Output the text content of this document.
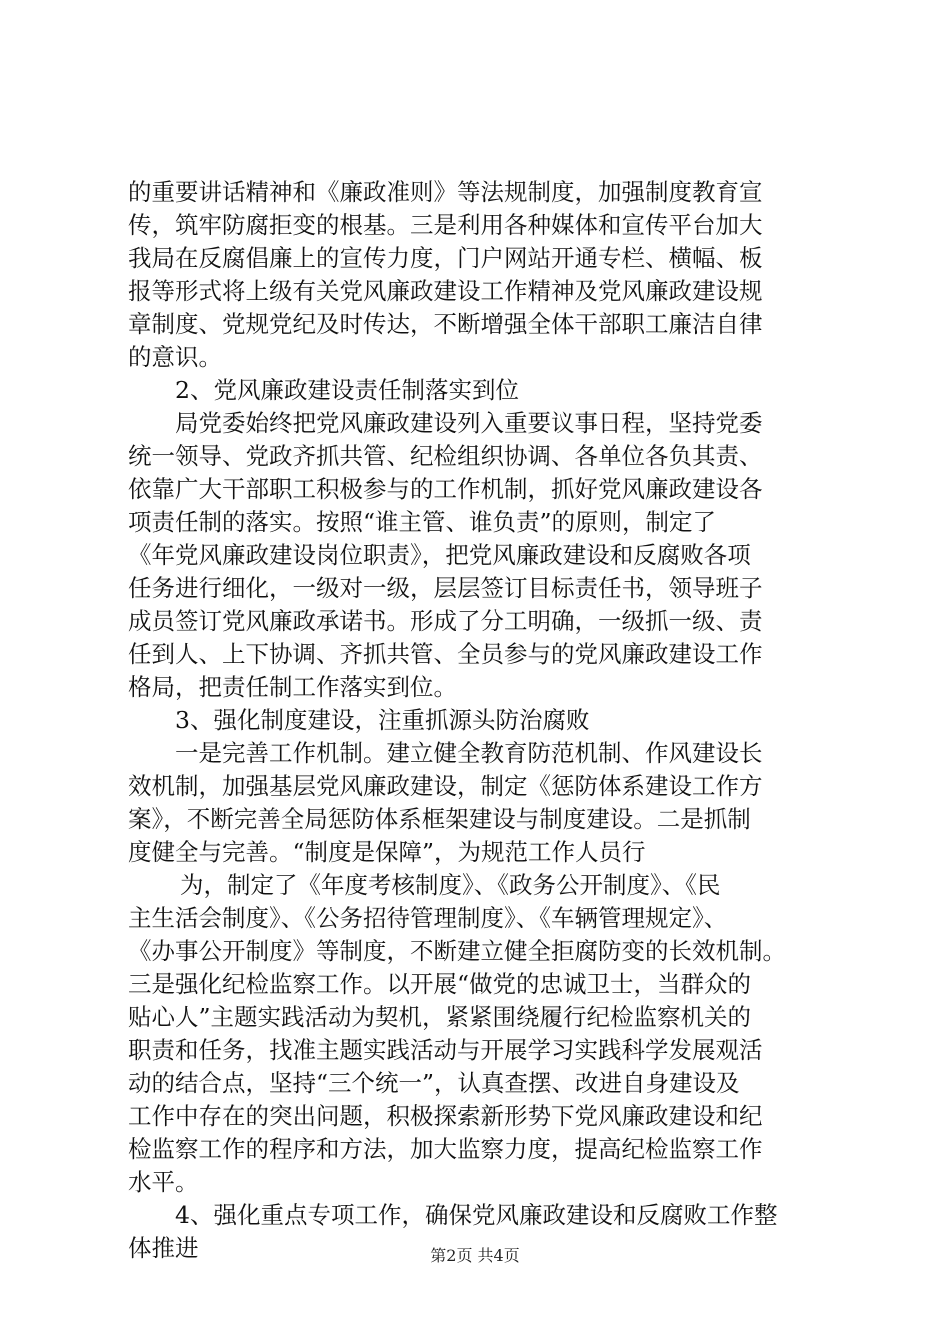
的重要讲话精神和《廉政准则》等法规制度，加强制度教育宣
传，筑牢防腐拒变的根基。三是利用各种媒体和宣传平台加大
我局在反腐倡廉上的宣传力度，门户网站开通专栏、横幅、板
报等形式将上级有关党风廉政建设工作精神及党风廉政建设规
章制度、党规党纪及时传达，不断增强全体干部职工廉洁自律
的意识。
2、党风廉政建设责任制落实到位
局党委始终把党风廉政建设列入重要议事日程，坚持党委
统一领导、党政齐抓共管、纪检组织协调、各单位各负其责、
依靠广大干部职工积极参与的工作机制，抓好党风廉政建设各
项责任制的落实。按照“谁主管、谁负责”的原则，制定了
《年党风廉政建设岗位职责》，把党风廉政建设和反腐败各项
任务进行细化，一级对一级，层层签订目标责任书，领导班子
成员签订党风廉政承诺书。形成了分工明确，一级抓一级、责
任到人、上下协调、齐抓共管、全员参与的党风廉政建设工作
格局，把责任制工作落实到位。
3、强化制度建设，注重抓源头防治腐败
一是完善工作机制。建立健全教育防范机制、作风建设长
效机制，加强基层党风廉政建设，制定《惩防体系建设工作方
案》，不断完善全局惩防体系框架建设与制度建设。二是抓制
度健全与完善。“制度是保障”，为规范工作人员行
为，制定了《年度考核制度》、《政务公开制度》、《民
主生活会制度》、《公务招待管理制度》、《车辆管理规定》、
《办事公开制度》等制度，不断建立健全拒腐防变的长效机制。
三是强化纪检监察工作。以开展“做党的忠诚卫士，当群众的
贴心人”主题实践活动为契机，紧紧围绕履行纪检监察机关的
职责和任务，找准主题实践活动与开展学习实践科学发展观活
动的结合点，坚持“三个统一”，认真查摆、改进自身建设及
工作中存在的突出问题，积极探索新形势下党风廉政建设和纪
检监察工作的程序和方法，加大监察力度，提高纪检监察工作
水平。
4、强化重点专项工作，确保党风廉政建设和反腐败工作整
体推进	第2页 共4页
